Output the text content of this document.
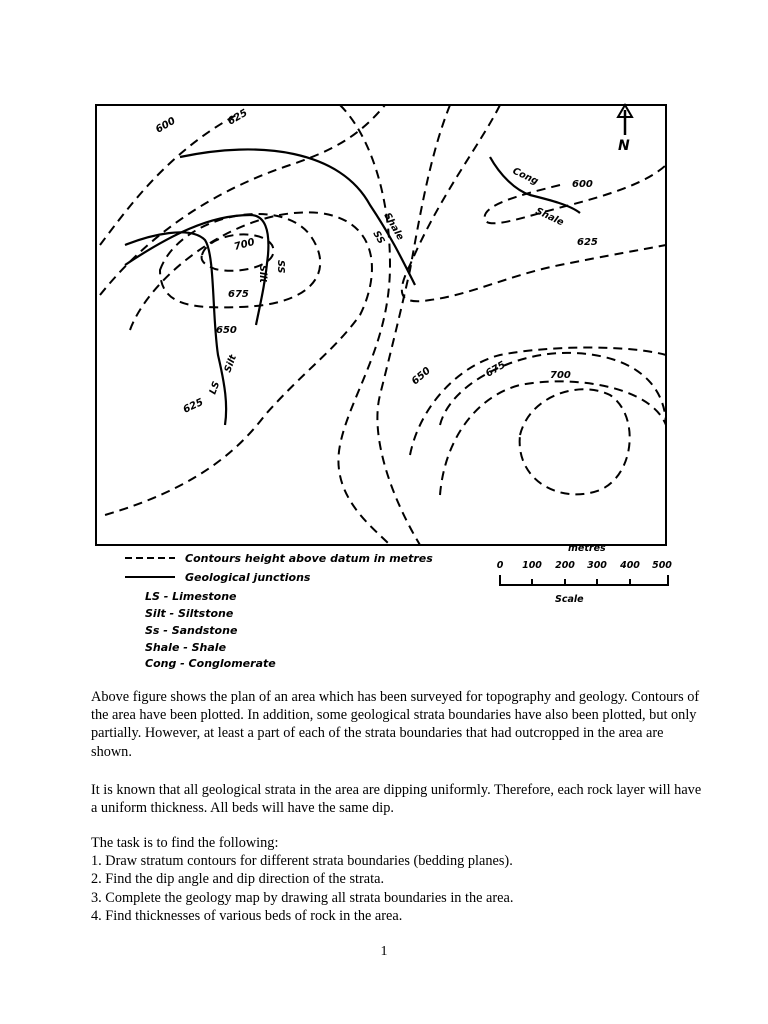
N
600	625
700
675
650
625
600
625
650	675	700
Silt SS
Shale
SS
Silt
LS
Cong
Shale
Contours height above datum in metres
Geological junctions
LS - Limestone
Silt - Siltstone
Ss - Sandstone
Shale - Shale
Cong - Conglomerate
metres
0 100 200 300 400 500
Scale

Above figure shows the plan of an area which has been surveyed for topography and geology. Contours of the area have been plotted. In addition, some geological strata boundaries have also been plotted, but only partially. However, at least a part of each of the strata boundaries that had outcropped in the area are shown.

It is known that all geological strata in the area are dipping uniformly. Therefore, each rock layer will have a uniform thickness. All beds will have the same dip.

The task is to find the following:

1. Draw stratum contours for different strata boundaries (bedding planes).

2. Find the dip angle and dip direction of the strata.

3. Complete the geology map by drawing all strata boundaries in the area.

4. Find thicknesses of various beds of rock in the area.

1
